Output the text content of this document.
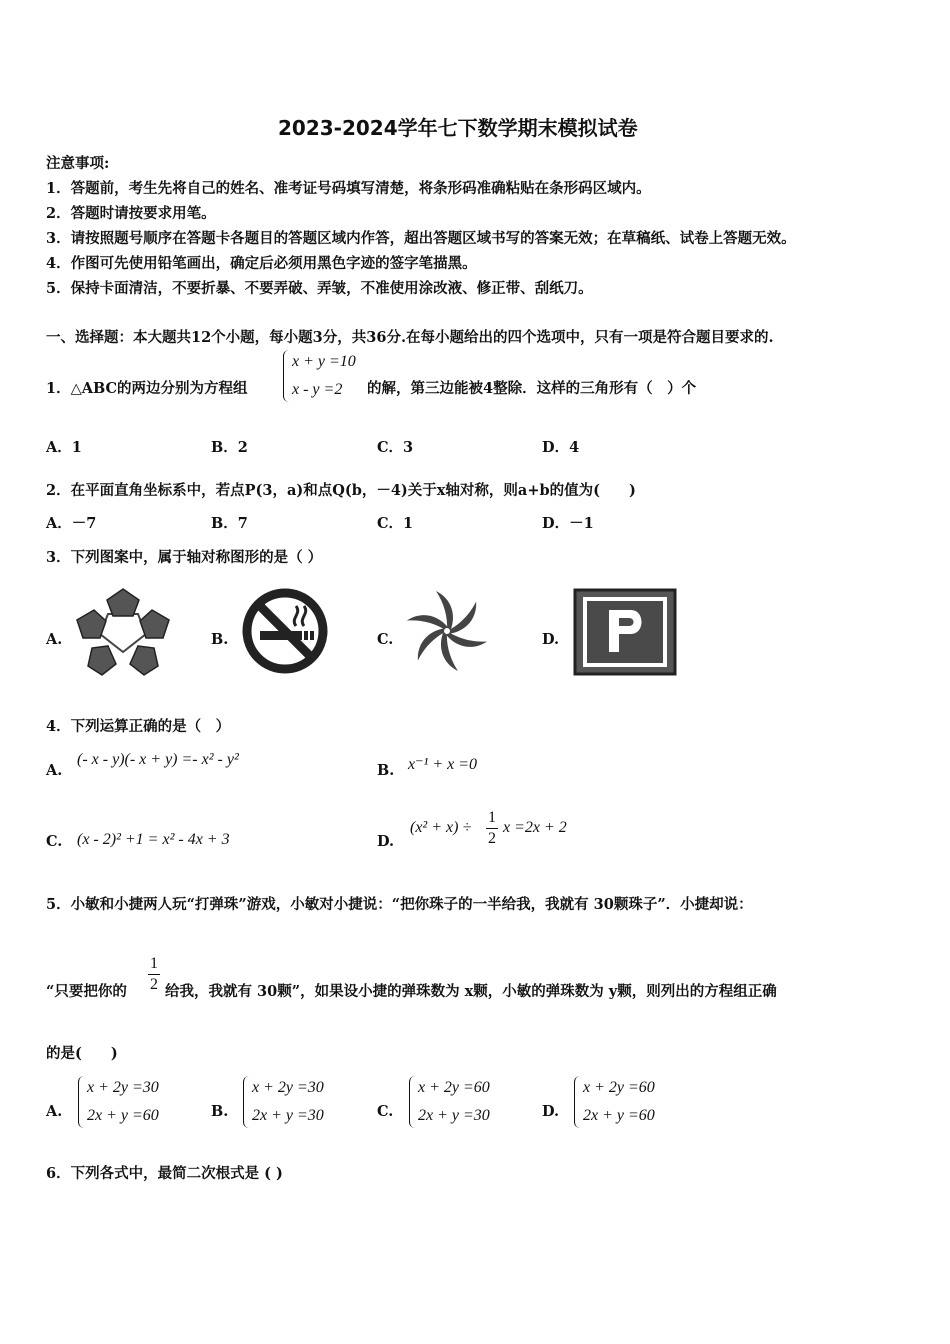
2023-2024学年七下数学期末模拟试卷
注意事项:
1．答题前，考生先将自己的姓名、准考证号码填写清楚，将条形码准确粘贴在条形码区域内。
2．答题时请按要求用笔。
3．请按照题号顺序在答题卡各题目的答题区域内作答，超出答题区域书写的答案无效；在草稿纸、试卷上答题无效。
4．作图可先使用铅笔画出，确定后必须用黑色字迹的签字笔描黑。
5．保持卡面清洁，不要折暴、不要弄破、弄皱，不准使用涂改液、修正带、刮纸刀。
一、选择题：本大题共12个小题，每小题3分，共36分.在每小题给出的四个选项中，只有一项是符合题目要求的.
1．△ABC的两边分别为方程组
x + y =10
x - y =2	的解，第三边能被4整除．这样的三角形有（　）个
A．1	B．2	C．3	D．4
2．在平面直角坐标系中，若点P(3，a)和点Q(b，－4)关于x轴对称，则a+b的值为(　　)
A．－7	B．7	C．1	D．－1
3．下列图案中，属于轴对称图形的是（ ）
A.	B.	C.	D.
4．下列运算正确的是（　）
A.
(- x - y)(- x + y) =- x² - y²
B. x⁻¹ + x =0
C. (x - 2)² +1 = x² - 4x + 3	D.
(x² + x) ÷
1
2
x =2x + 2
5．小敏和小捷两人玩“打弹珠”游戏，小敏对小捷说：“把你珠子的一半给我，我就有 30颗珠子”．小捷却说：
“只要把你的
1
2 给我，我就有 30颗”，如果设小捷的弹珠数为 x颗，小敏的弹珠数为 y颗，则列出的方程组正确
的是(　　)
A.
x + 2y =30
2x + y =60	B.
x + 2y =30
2x + y =30	C.
x + 2y =60
2x + y =30	D.
x + 2y =60
2x + y =60
6．下列各式中，最简二次根式是 ( )
